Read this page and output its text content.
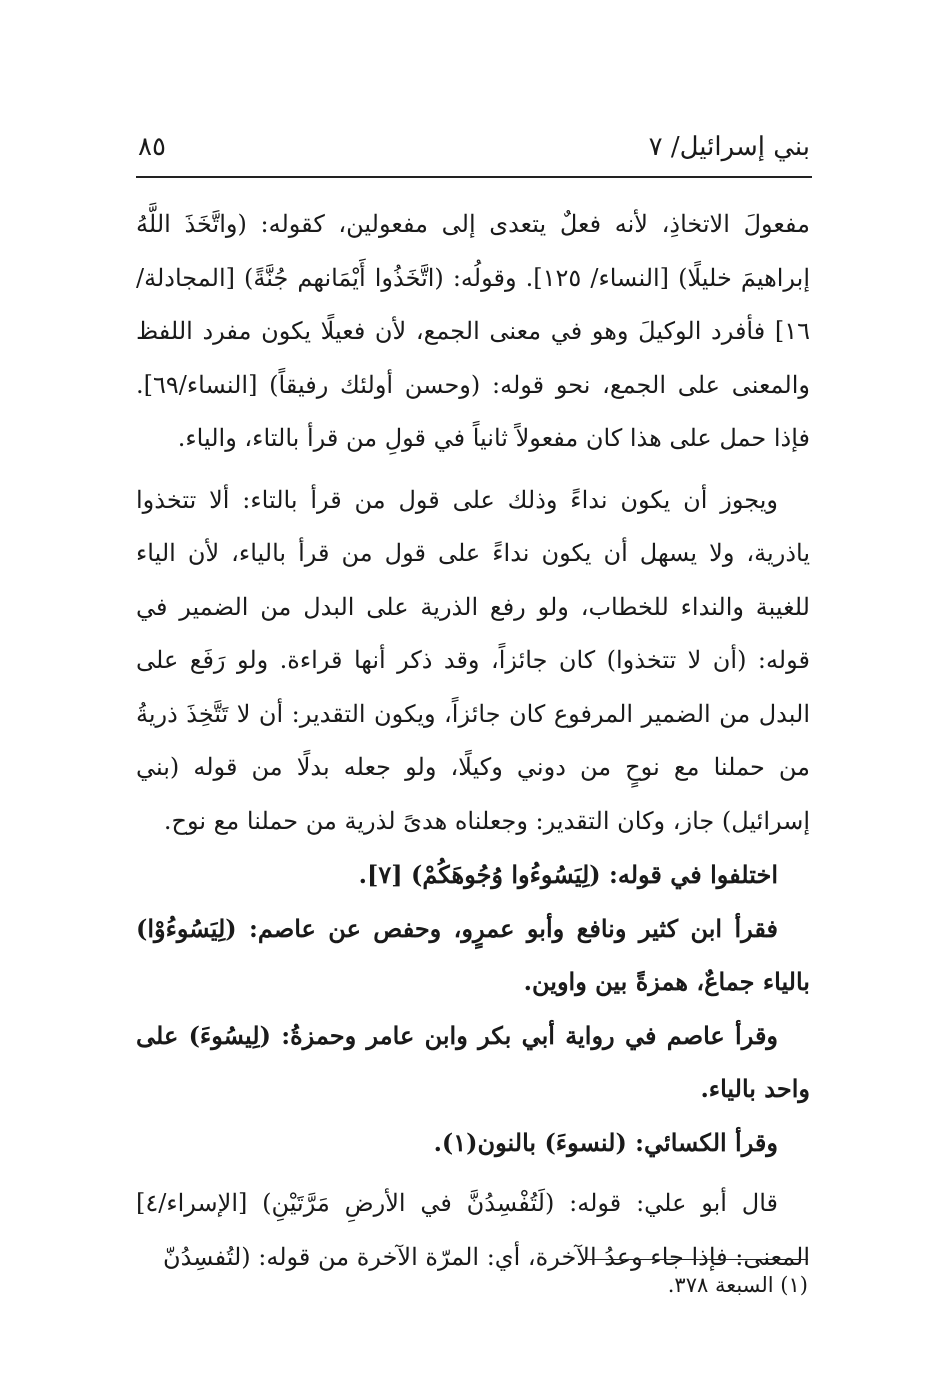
بني إسرائيل/ ٧
٨٥

مفعولَ الاتخاذِ، لأنه فعلٌ يتعدى إلى مفعولين، كقوله: (واتَّخَذَ اللَّهُ إبراهيمَ خليلًا) [النساء/ ١٢٥]. وقولُه: (اتَّخَذُوا أَيْمَانهم جُنَّةً) [المجادلة/١٦] فأفرد الوكيلَ وهو في معنى الجمع، لأن فعيلًا يكون مفرد اللفظ والمعنى على الجمع، نحو قوله: (وحسن أولئك رفيقاً) [النساء/٦٩]. فإذا حمل على هذا كان مفعولاً ثانياً في قولِ من قرأ بالتاء، والياء.

ويجوز أن يكون نداءً وذلك على قول من قرأ بالتاء: ألا تتخذوا ياذرية، ولا يسهل أن يكون نداءً على قول من قرأ بالياء، لأن الياء للغيبة والنداء للخطاب، ولو رفع الذرية على البدل من الضمير في قوله: (أن لا تتخذوا) كان جائزاً، وقد ذكر أنها قراءة. ولو رَفَع على البدل من الضمير المرفوع كان جائزاً، ويكون التقدير: أن لا تَتَّخِذَ ذريةُ من حملنا مع نوحٍ من دوني وكيلًا، ولو جعله بدلًا من قوله (بني إسرائيل) جاز، وكان التقدير: وجعلناه هدىً لذرية من حملنا مع نوح.

اختلفوا في قوله: (لِيَسُوءُوا وُجُوهَكُمْ) [٧].

فقرأ ابن كثير ونافع وأبو عمرٍو، وحفص عن عاصم: (لِيَسُوءُوْا) بالياء جماعٌ، همزةً بين واوين.

وقرأ عاصم في رواية أبي بكر وابن عامر وحمزةُ: (لِيسُوءَ) على واحد بالياء.

وقرأ الكسائي: (لنسوءَ) بالنون(١).

قال أبو علي: قوله: (لَتُفْسِدُنَّ في الأرضِ مَرَّتَيْنِ) [الإسراء/٤] المعنى: فإذا جاء وعدُ الآخرة، أي: المرّة الآخرة من قوله: (لتُفسِدُنّ

(١) السبعة ٣٧٨.
